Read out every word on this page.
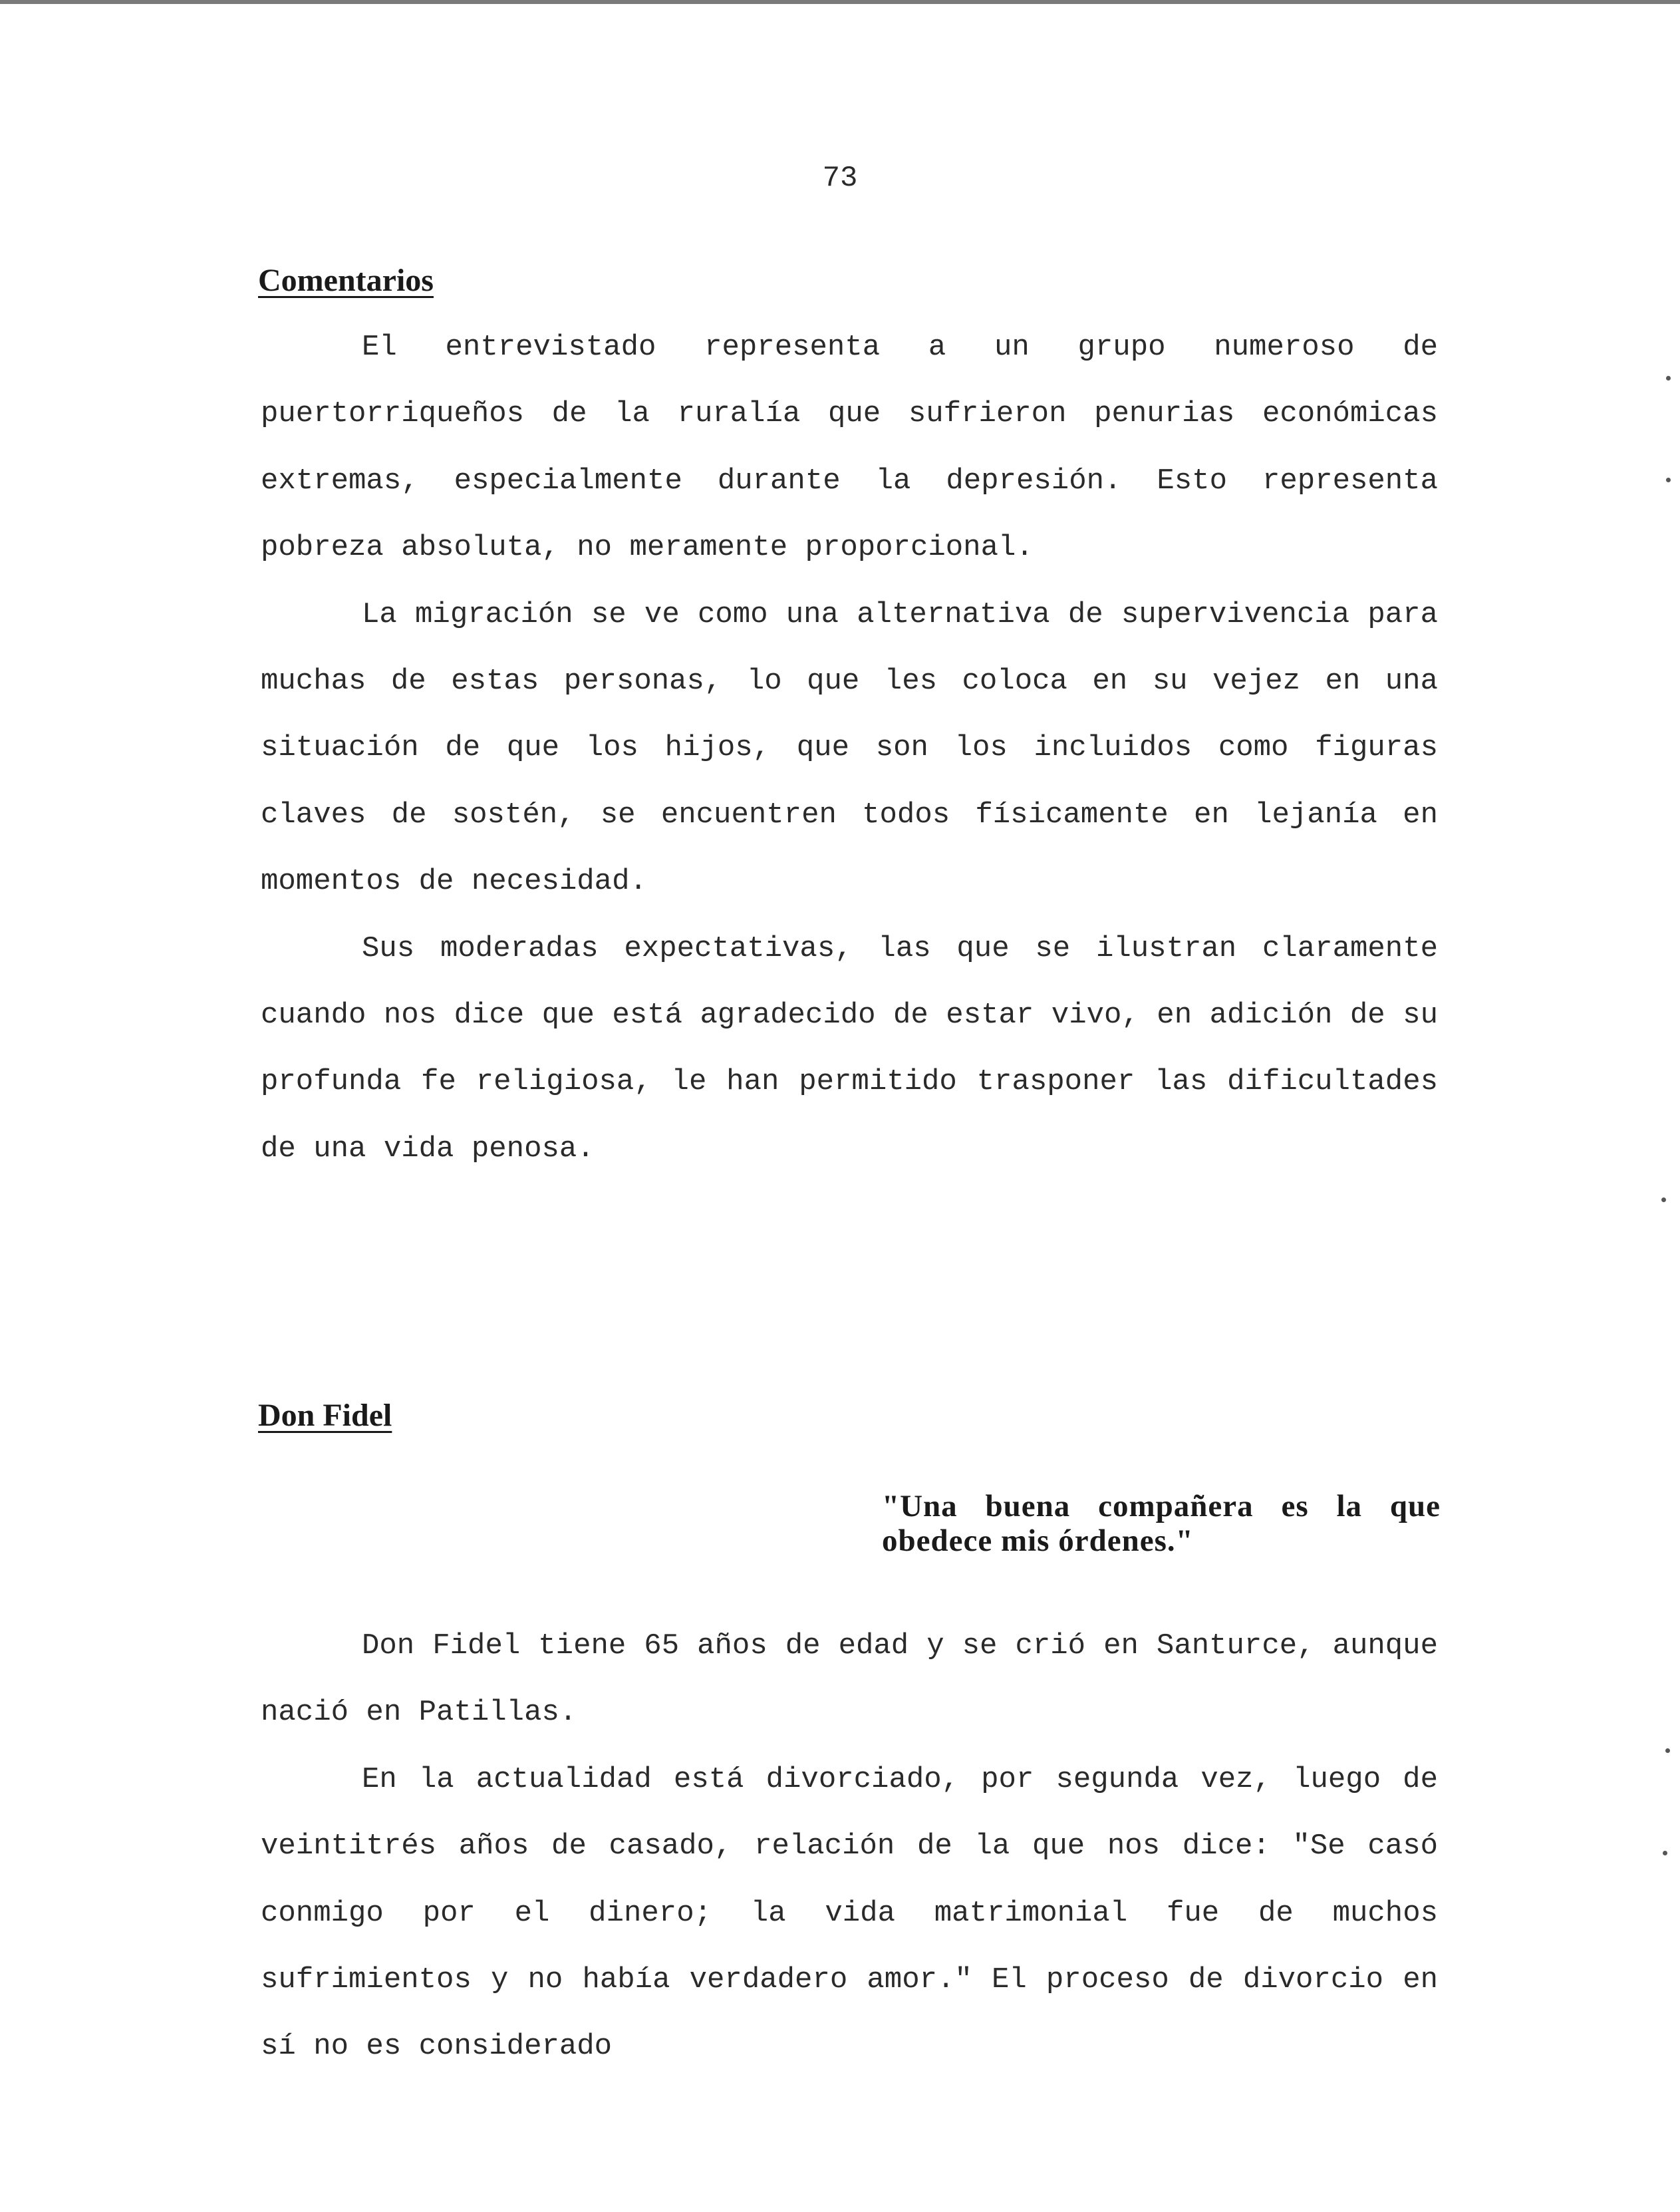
73
Comentarios

El entrevistado representa a un grupo numeroso de puertorriqueños de la ruralía que sufrieron penurias económicas extremas, especialmente durante la depresión. Esto representa pobreza absoluta, no meramente proporcional.

La migración se ve como una alternativa de supervivencia para muchas de estas personas, lo que les coloca en su vejez en una situación de que los hijos, que son los incluidos como figuras claves de sostén, se encuentren todos físicamente en lejanía en momentos de necesidad.

Sus moderadas expectativas, las que se ilustran claramente cuando nos dice que está agradecido de estar vivo, en adición de su profunda fe religiosa, le han permitido trasponer las dificultades de una vida penosa.

Don Fidel

"Una buena compañera es la que obedece mis órdenes."

Don Fidel tiene 65 años de edad y se crió en Santurce, aunque nació en Patillas.

En la actualidad está divorciado, por segunda vez, luego de veintitrés años de casado, relación de la que nos dice: "Se casó conmigo por el dinero; la vida matrimonial fue de muchos sufrimientos y no había verdadero amor." El proceso de divorcio en sí no es considerado
